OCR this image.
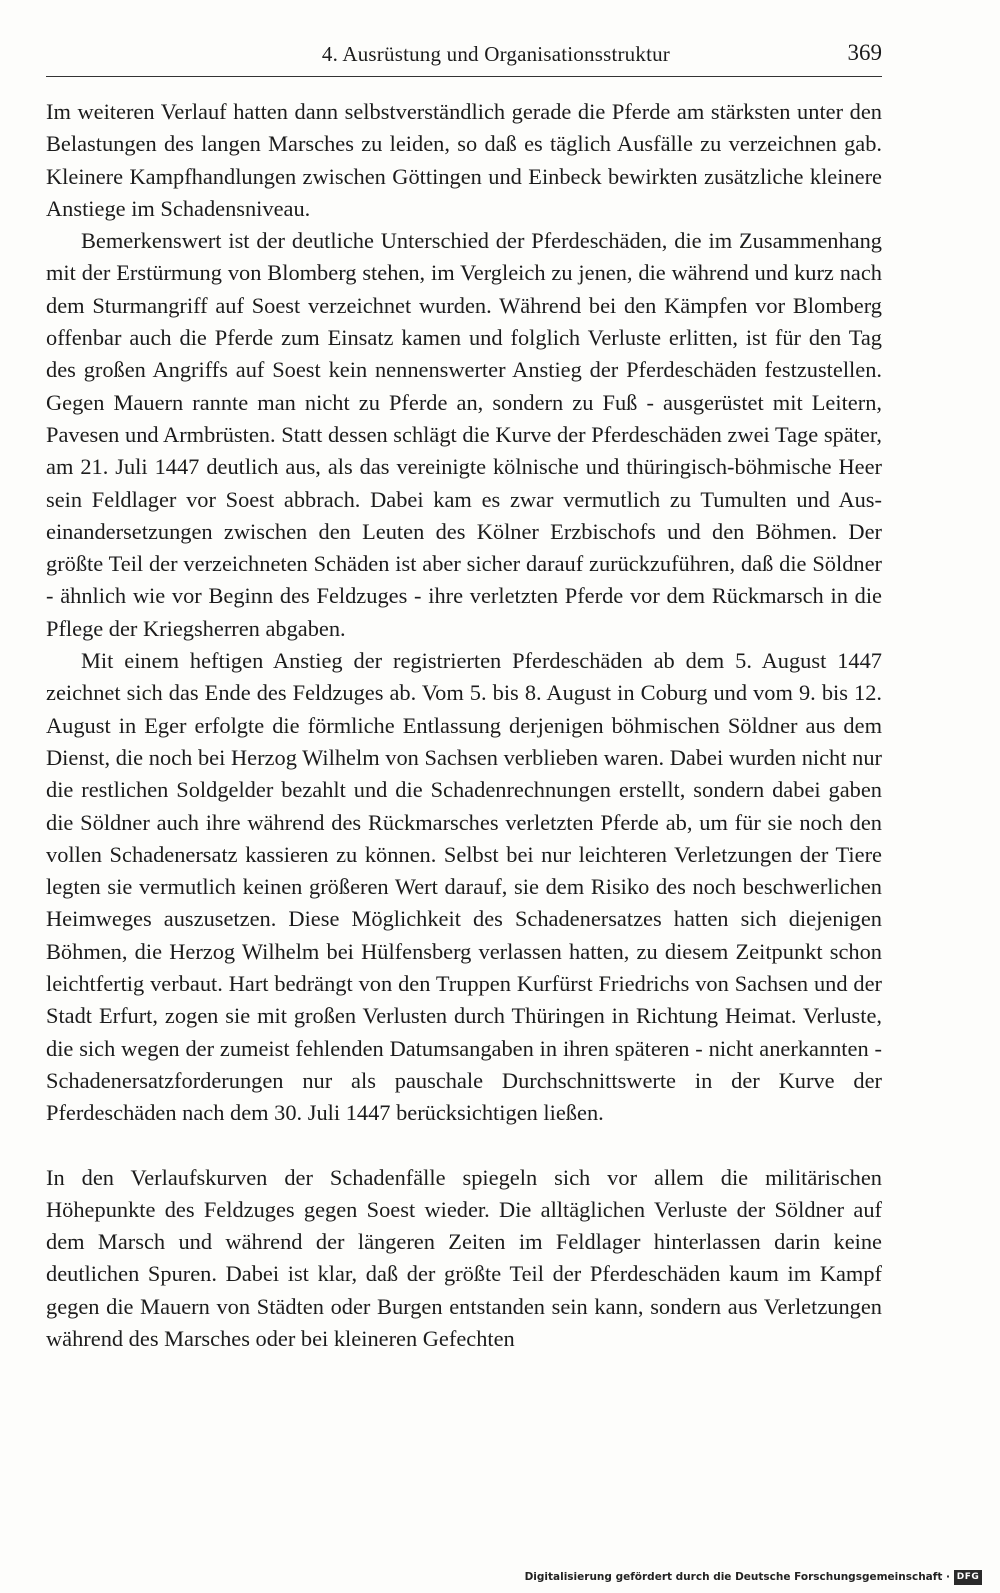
4. Ausrüstung und Organisationsstruktur	369

Im weiteren Verlauf hatten dann selbstverständlich gerade die Pferde am stärksten unter den Belastungen des langen Marsches zu leiden, so daß es täglich Ausfälle zu verzeichnen gab. Kleinere Kampfhandlungen zwischen Göttingen und Einbeck bewirkten zusätzliche kleinere Anstiege im Schadensniveau.

Bemerkenswert ist der deutliche Unterschied der Pferdeschäden, die im Zusammenhang mit der Erstürmung von Blomberg stehen, im Vergleich zu jenen, die während und kurz nach dem Sturmangriff auf Soest verzeichnet wurden. Während bei den Kämpfen vor Blomberg offenbar auch die Pferde zum Einsatz kamen und folglich Verluste erlitten, ist für den Tag des großen Angriffs auf Soest kein nennenswerter Anstieg der Pferdeschäden festzustellen. Gegen Mauern rannte man nicht zu Pferde an, sondern zu Fuß - ausgerüstet mit Leitern, Pavesen und Armbrüsten. Statt dessen schlägt die Kurve der Pferdeschäden zwei Tage später, am 21. Juli 1447 deutlich aus, als das vereinigte kölnische und thüringisch-böhmische Heer sein Feldlager vor Soest abbrach. Dabei kam es zwar vermutlich zu Tumulten und Auseinandersetzungen zwischen den Leuten des Kölner Erzbischofs und den Böhmen. Der größte Teil der verzeichneten Schäden ist aber sicher darauf zurückzuführen, daß die Söldner - ähnlich wie vor Beginn des Feldzuges - ihre verletzten Pferde vor dem Rückmarsch in die Pflege der Kriegsherren abgaben.

Mit einem heftigen Anstieg der registrierten Pferdeschäden ab dem 5. August 1447 zeichnet sich das Ende des Feldzuges ab. Vom 5. bis 8. August in Coburg und vom 9. bis 12. August in Eger erfolgte die förmliche Entlassung derjenigen böhmischen Söldner aus dem Dienst, die noch bei Herzog Wilhelm von Sachsen verblieben waren. Dabei wurden nicht nur die restlichen Soldgelder bezahlt und die Schadenrechnungen erstellt, sondern dabei gaben die Söldner auch ihre während des Rückmarsches verletzten Pferde ab, um für sie noch den vollen Schadenersatz kassieren zu können. Selbst bei nur leichteren Verletzungen der Tiere legten sie vermutlich keinen größeren Wert darauf, sie dem Risiko des noch beschwerlichen Heimweges auszusetzen. Diese Möglichkeit des Schadenersatzes hatten sich diejenigen Böhmen, die Herzog Wilhelm bei Hülfensberg verlassen hatten, zu diesem Zeitpunkt schon leichtfertig verbaut. Hart bedrängt von den Truppen Kurfürst Friedrichs von Sachsen und der Stadt Erfurt, zogen sie mit großen Verlusten durch Thüringen in Richtung Heimat. Verluste, die sich wegen der zumeist fehlenden Datumsangaben in ihren späteren - nicht anerkannten - Schadenersatzforderungen nur als pauschale Durchschnittswerte in der Kurve der Pferdeschäden nach dem 30. Juli 1447 berücksichtigen ließen.

In den Verlaufskurven der Schadenfälle spiegeln sich vor allem die militärischen Höhepunkte des Feldzuges gegen Soest wieder. Die alltäglichen Verluste der Söldner auf dem Marsch und während der längeren Zeiten im Feldlager hinterlassen darin keine deutlichen Spuren. Dabei ist klar, daß der größte Teil der Pferdeschäden kaum im Kampf gegen die Mauern von Städten oder Burgen entstanden sein kann, sondern aus Verletzungen während des Marsches oder bei kleineren Gefechten

Digitalisierung gefördert durch die Deutsche Forschungsgemeinschaft · DFG
